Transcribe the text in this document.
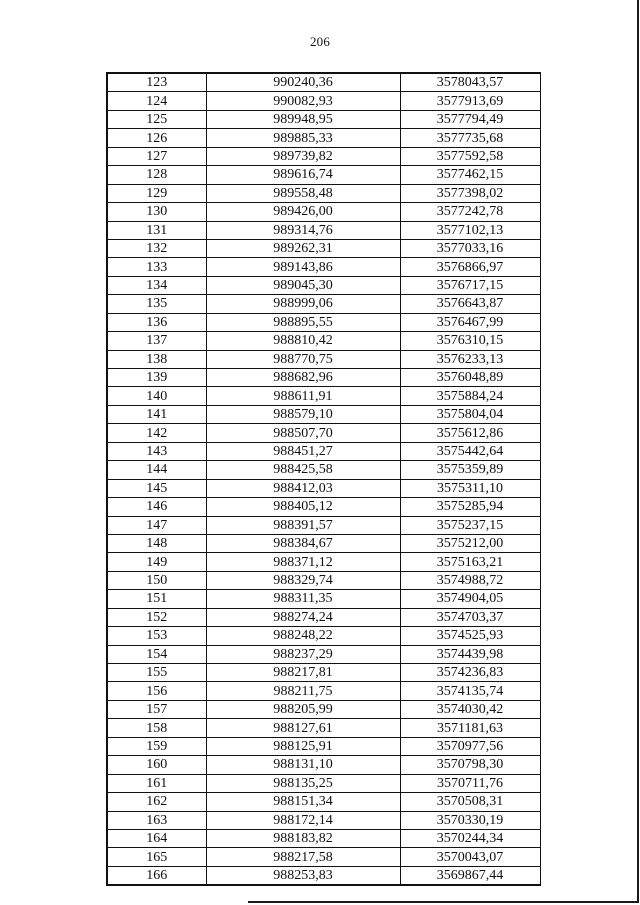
206
123	990240,36	3578043,57
124	990082,93	3577913,69
125	989948,95	3577794,49
126	989885,33	3577735,68
127	989739,82	3577592,58
128	989616,74	3577462,15
129	989558,48	3577398,02
130	989426,00	3577242,78
131	989314,76	3577102,13
132	989262,31	3577033,16
133	989143,86	3576866,97
134	989045,30	3576717,15
135	988999,06	3576643,87
136	988895,55	3576467,99
137	988810,42	3576310,15
138	988770,75	3576233,13
139	988682,96	3576048,89
140	988611,91	3575884,24
141	988579,10	3575804,04
142	988507,70	3575612,86
143	988451,27	3575442,64
144	988425,58	3575359,89
145	988412,03	3575311,10
146	988405,12	3575285,94
147	988391,57	3575237,15
148	988384,67	3575212,00
149	988371,12	3575163,21
150	988329,74	3574988,72
151	988311,35	3574904,05
152	988274,24	3574703,37
153	988248,22	3574525,93
154	988237,29	3574439,98
155	988217,81	3574236,83
156	988211,75	3574135,74
157	988205,99	3574030,42
158	988127,61	3571181,63
159	988125,91	3570977,56
160	988131,10	3570798,30
161	988135,25	3570711,76
162	988151,34	3570508,31
163	988172,14	3570330,19
164	988183,82	3570244,34
165	988217,58	3570043,07
166	988253,83	3569867,44
